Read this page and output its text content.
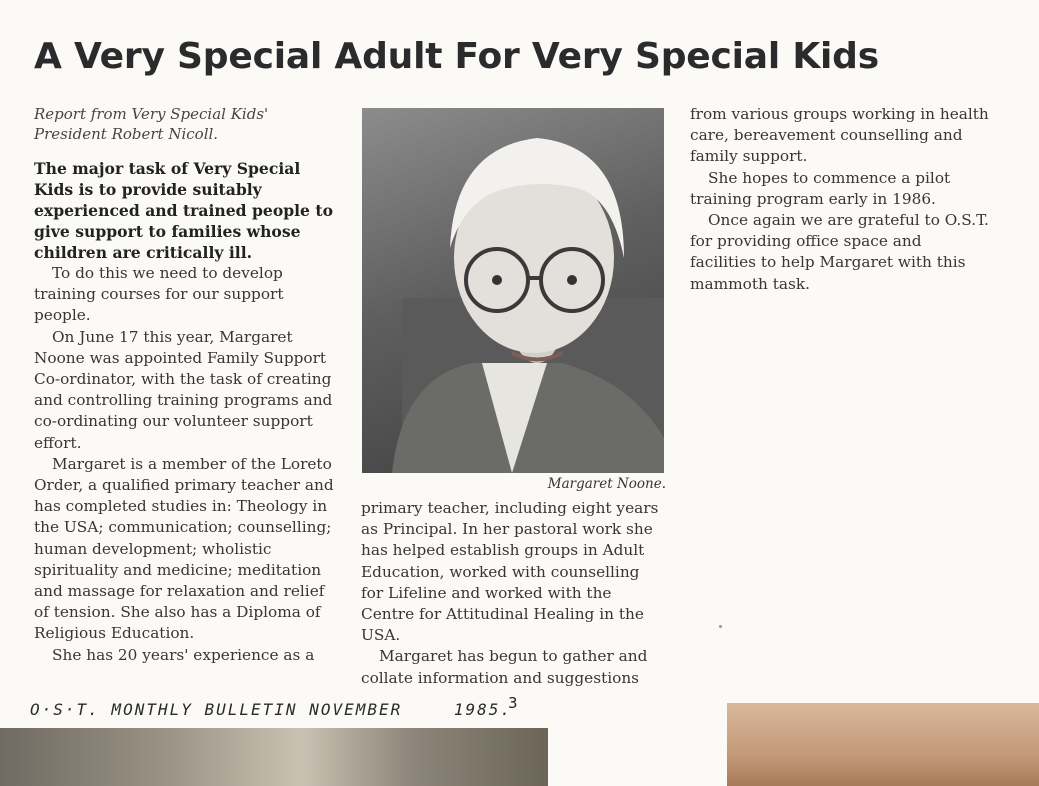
A Very Special Adult For Very Special Kids
Report from Very Special Kids'
President Robert Nicoll.

The major task of Very Special Kids is to provide suitably experienced and trained people to give support to families whose children are critically ill.

To do this we need to develop training courses for our support people.

On June 17 this year, Margaret Noone was appointed Family Support Co-ordinator, with the task of creating and controlling training programs and co-ordinating our volunteer support effort.

Margaret is a member of the Loreto Order, a qualified primary teacher and has completed studies in: Theology in the USA; communication; counselling; human development; wholistic spirituality and medicine; meditation and massage for relaxation and relief of tension. She also has a Diploma of Religious Education.

She has 20 years' experience as a

Margaret Noone.

primary teacher, including eight years as Principal. In her pastoral work she has helped establish groups in Adult Education, worked with counselling for Lifeline and worked with the Centre for Attitudinal Healing in the USA.

Margaret has begun to gather and collate information and suggestions

from various groups working in health care, bereavement counselling and family support.

She hopes to commence a pilot training program early in 1986.

Once again we are grateful to O.S.T. for providing office space and facilities to help Margaret with this mammoth task.

O·S·T. MONTHLY BULLETIN NOVEMBER	1985.
3
